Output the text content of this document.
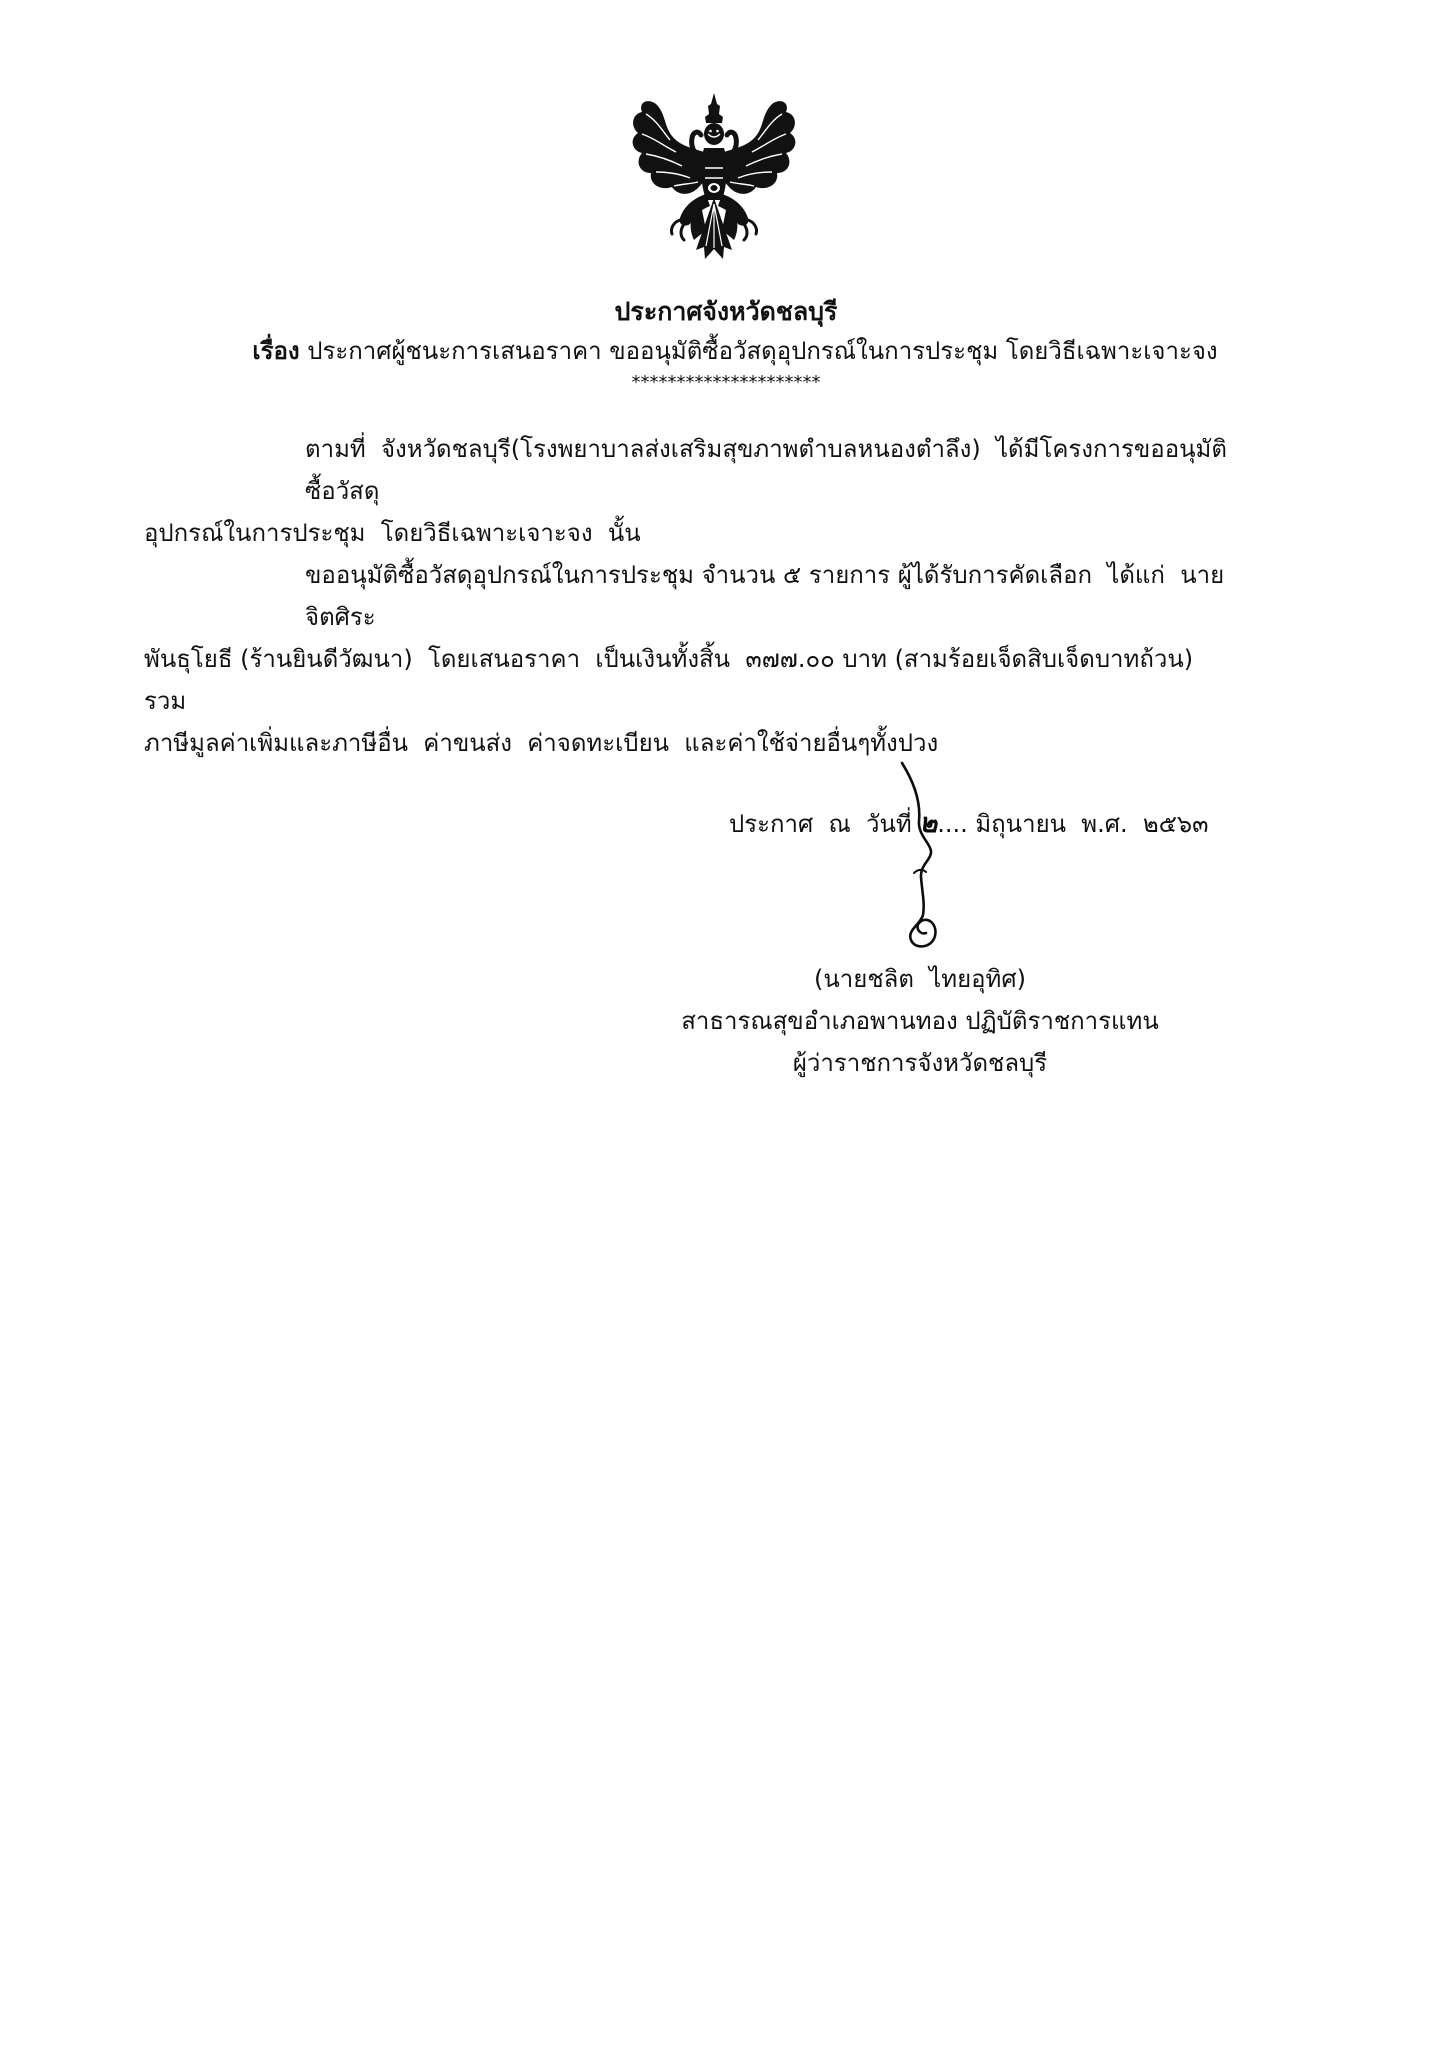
ประกาศจังหวัดชลบุรี
เรื่อง ประกาศผู้ชนะการเสนอราคา ขออนุมัติซื้อวัสดุอุปกรณ์ในการประชุม โดยวิธีเฉพาะเจาะจง
*********************
ตามที่  จังหวัดชลบุรี(โรงพยาบาลส่งเสริมสุขภาพตำบลหนองตำลึง)  ได้มีโครงการขออนุมัติซื้อวัสดุ
อุปกรณ์ในการประชุม  โดยวิธีเฉพาะเจาะจง  นั้น
ขออนุมัติซื้อวัสดุอุปกรณ์ในการประชุม จำนวน ๕ รายการ ผู้ได้รับการคัดเลือก  ได้แก่  นายจิตศิระ
พันธุโยธี (ร้านยินดีวัฒนา)  โดยเสนอราคา  เป็นเงินทั้งสิ้น  ๓๗๗.๐๐ บาท (สามร้อยเจ็ดสิบเจ็ดบาทถ้วน)  รวม
ภาษีมูลค่าเพิ่มและภาษีอื่น  ค่าขนส่ง  ค่าจดทะเบียน  และค่าใช้จ่ายอื่นๆทั้งปวง
ประกาศ  ณ  วันที่ ๒.... มิถุนายน  พ.ศ.  ๒๕๖๓
(นายชลิต  ไทยอุทิศ)
สาธารณสุขอำเภอพานทอง ปฏิบัติราชการแทน
ผู้ว่าราชการจังหวัดชลบุรี
